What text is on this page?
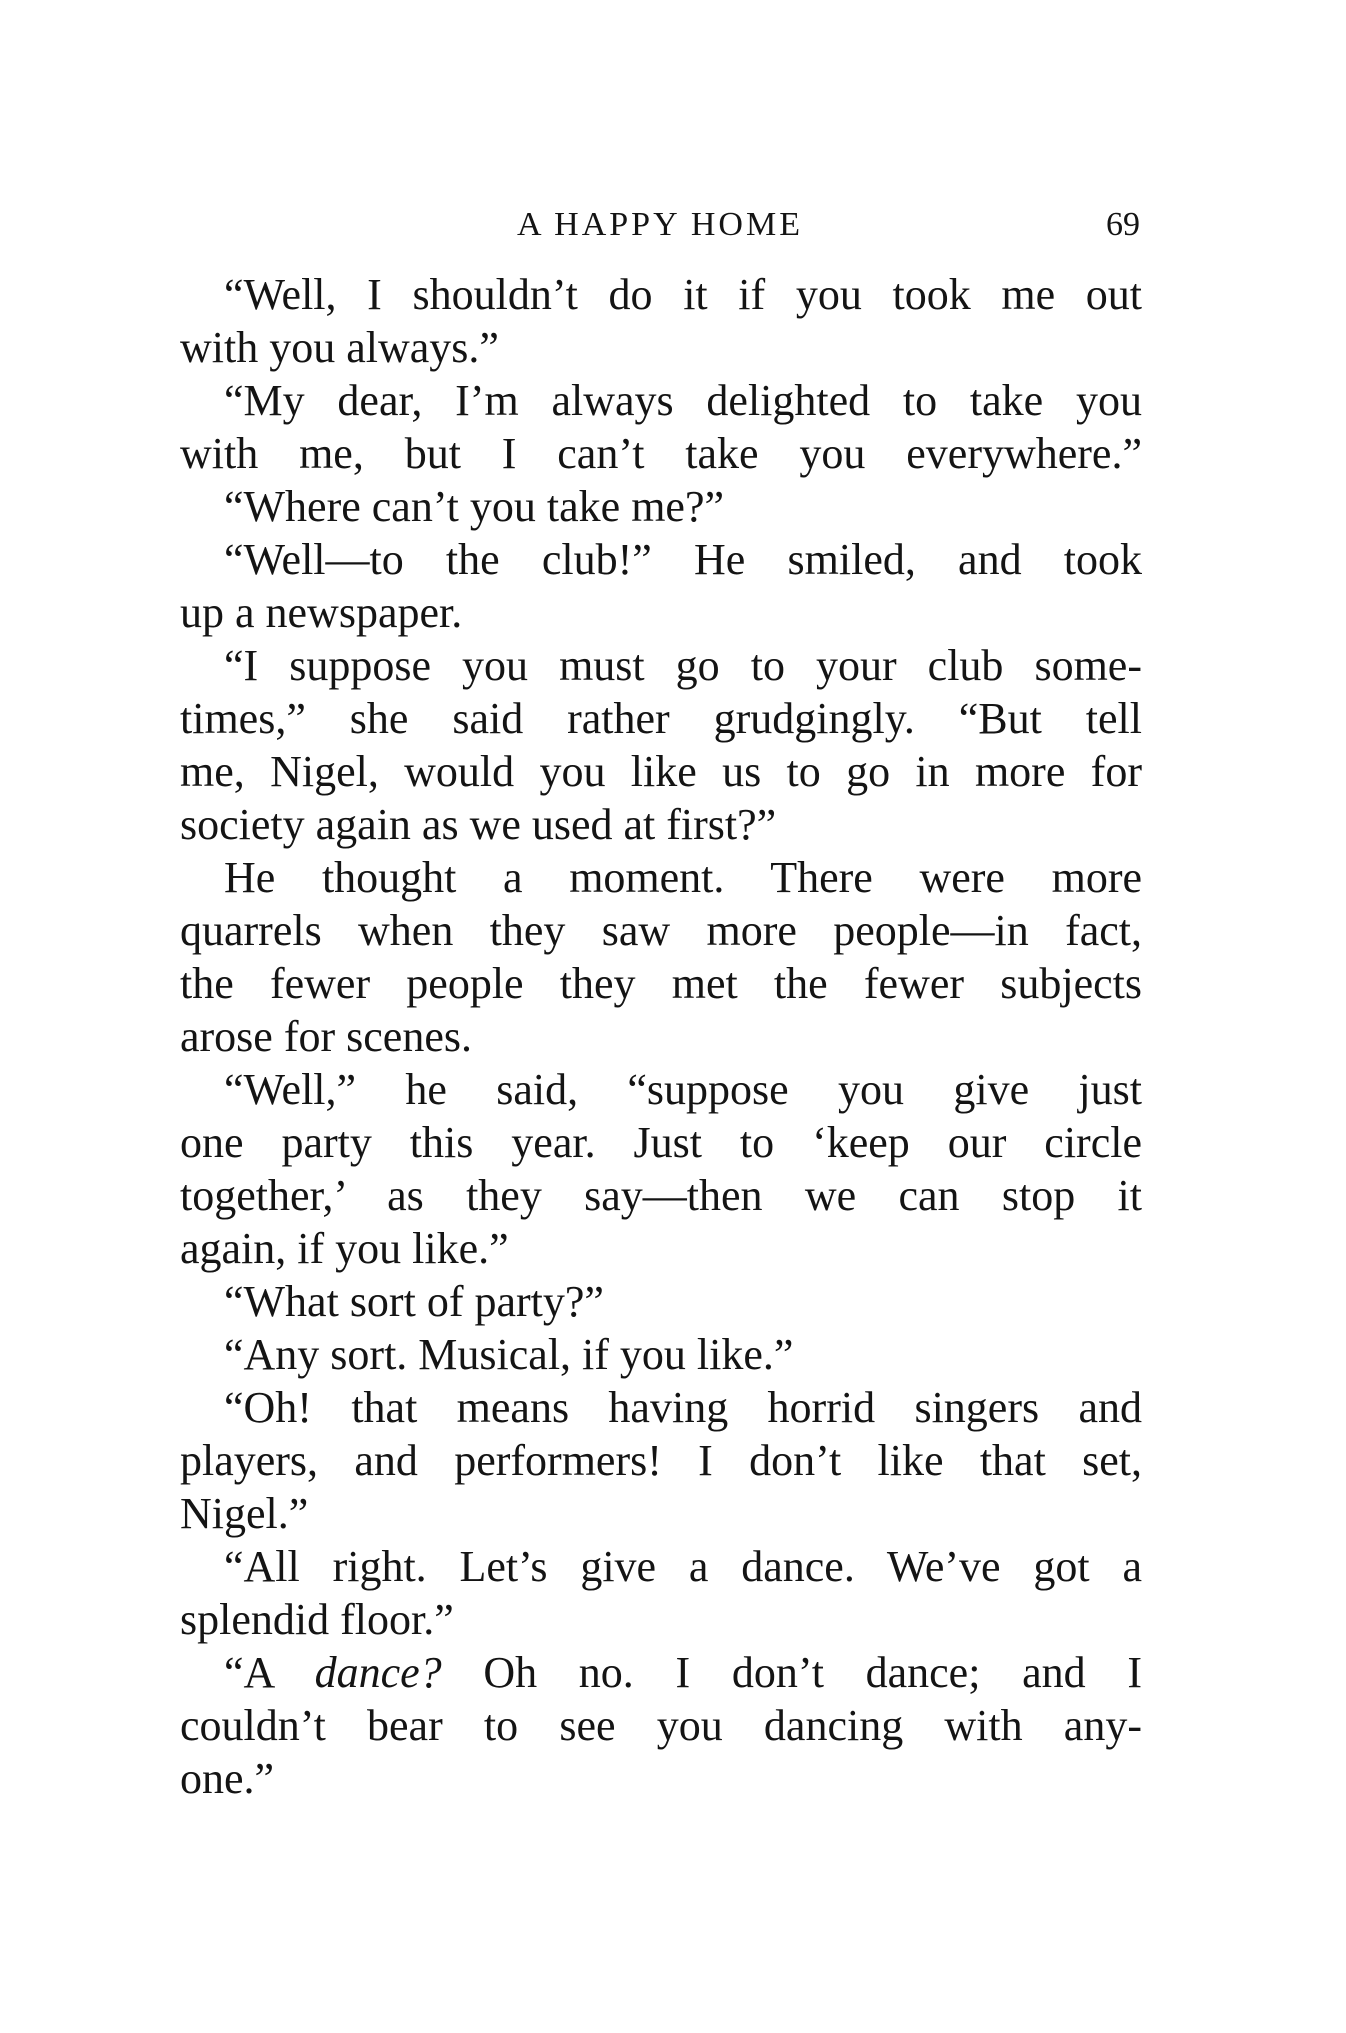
A HAPPY HOME	69
“Well, I shouldn’t do it if you took me out
with you always.”
“My dear, I’m always delighted to take you
with me, but I can’t take you everywhere.”
“Where can’t you take me?”
“Well—to the club!” He smiled, and took
up a newspaper.
“I suppose you must go to your club some-
times,” she said rather grudgingly. “But tell
me, Nigel, would you like us to go in more for
society again as we used at first?”
He thought a moment. There were more
quarrels when they saw more people—in fact,
the fewer people they met the fewer subjects
arose for scenes.
“Well,” he said, “suppose you give just
one party this year. Just to ‘keep our circle
together,’ as they say—then we can stop it
again, if you like.”
“What sort of party?”
“Any sort. Musical, if you like.”
“Oh! that means having horrid singers and
players, and performers! I don’t like that set,
Nigel.”
“All right. Let’s give a dance. We’ve got a
splendid floor.”
“A dance? Oh no. I don’t dance; and I
couldn’t bear to see you dancing with any-
one.”
